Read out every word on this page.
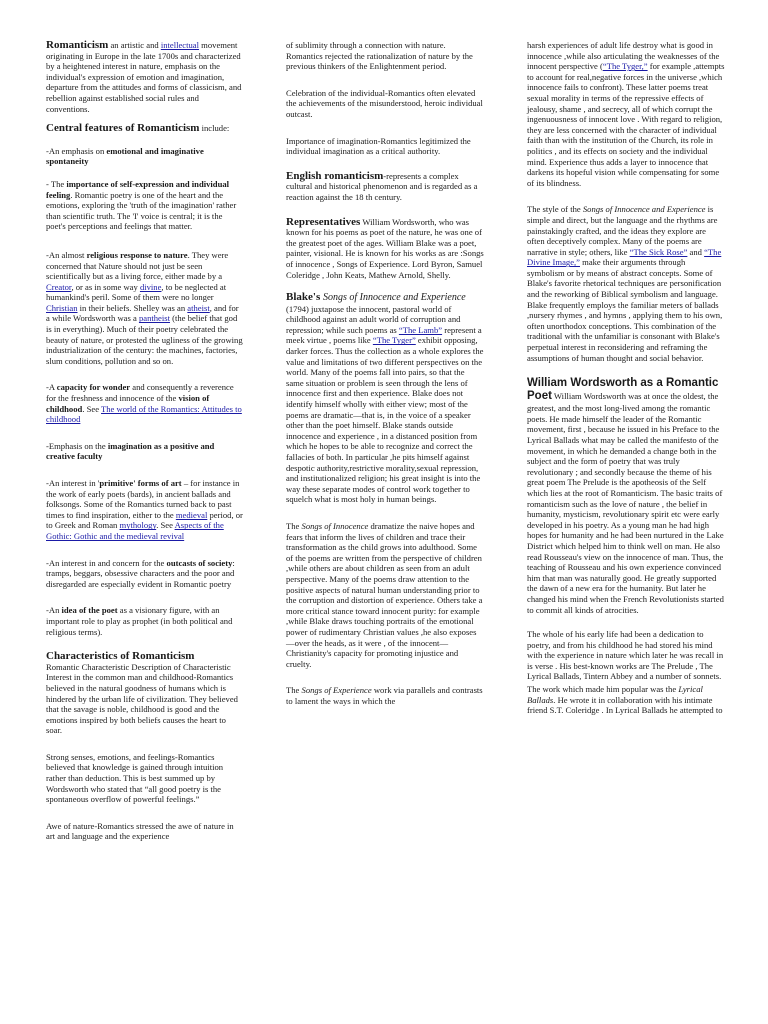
Romanticism an artistic and intellectual movement originating in Europe in the late 1700s and characterized by a heightened interest in nature, emphasis on the individual's expression of emotion and imagination, departure from the attitudes and forms of classicism, and rebellion against established social rules and conventions.

Central features of Romanticism include:

-An emphasis on emotional and imaginative spontaneity

- The importance of self-expression and individual feeling. Romantic poetry is one of the heart and the emotions, exploring the 'truth of the imagination' rather than scientific truth. The 'I' voice is central; it is the poet's perceptions and feelings that matter.

-An almost religious response to nature. They were concerned that Nature should not just be seen scientifically but as a living force, either made by a Creator, or as in some way divine, to be neglected at humankind's peril. Some of them were no longer Christian in their beliefs. Shelley was an atheist, and for a while Wordsworth was a pantheist (the belief that god is in everything). Much of their poetry celebrated the beauty of nature, or protested the ugliness of the growing industrialization of the century: the machines, factories, slum conditions, pollution and so on.

-A capacity for wonder and consequently a reverence for the freshness and innocence of the vision of childhood. See The world of the Romantics: Attitudes to childhood

-Emphasis on the imagination as a positive and creative faculty

-An interest in 'primitive' forms of art – for instance in the work of early poets (bards), in ancient ballads and folksongs. Some of the Romantics turned back to past times to find inspiration, either to the medieval period, or to Greek and Roman mythology. See Aspects of the Gothic: Gothic and the medieval revival

-An interest in and concern for the outcasts of society: tramps, beggars, obsessive characters and the poor and disregarded are especially evident in Romantic poetry

-An idea of the poet as a visionary figure, with an important role to play as prophet (in both political and religious terms).

Characteristics of Romanticism
Romantic Characteristic Description of Characteristic Interest in the common man and childhood-Romantics believed in the natural goodness of humans which is hindered by the urban life of civilization. They believed that the savage is noble, childhood is good and the emotions inspired by both beliefs causes the heart to soar.

Strong senses, emotions, and feelings-Romantics believed that knowledge is gained through intuition rather than deduction. This is best summed up by Wordsworth who stated that “all good poetry is the spontaneous overflow of powerful feelings.”

Awe of nature-Romantics stressed the awe of nature in art and language and the experience

of sublimity through a connection with nature. Romantics rejected the rationalization of nature by the previous thinkers of the Enlightenment period.

Celebration of the individual-Romantics often elevated the achievements of the misunderstood, heroic individual outcast.

Importance of imagination-Romantics legitimized the individual imagination as a critical authority.

English romanticism-represents a complex cultural and historical phenomenon and is regarded as a reaction against the 18 th century.

Representatives William Wordsworth, who was known for his poems as poet of the nature, he was one of the greatest poet of the ages. William Blake was a poet, painter, visional. He is known for his works as are :Songs of innocence , Songs of Experience. Lord Byron, Samuel Coleridge , John Keats, Mathew Arnold, Shelly.

Blake's Songs of Innocence and Experience (1794) juxtapose the innocent, pastoral world of childhood against an adult world of corruption and repression; while such poems as “The Lamb” represent a meek virtue , poems like “The Tyger” exhibit opposing, darker forces. Thus the collection as a whole explores the value and limitations of two different perspectives on the world. Many of the poems fall into pairs, so that the same situation or problem is seen through the lens of innocence first and then experience. Blake does not identify himself wholly with either view; most of the poems are dramatic—that is, in the voice of a speaker other than the poet himself. Blake stands outside innocence and experience , in a distanced position from which he hopes to be able to recognize and correct the fallacies of both. In particular ,he pits himself against despotic authority,restrictive morality,sexual repression, and institutionalized religion; his great insight is into the way these separate modes of control work together to squelch what is most holy in human beings.

The Songs of Innocence dramatize the naive hopes and fears that inform the lives of children and trace their transformation as the child grows into adulthood. Some of the poems are written from the perspective of children ,while others are about children as seen from an adult perspective. Many of the poems draw attention to the positive aspects of natural human understanding prior to the corruption and distortion of experience. Others take a more critical stance toward innocent purity: for example ,while Blake draws touching portraits of the emotional power of rudimentary Christian values ,he also exposes—over the heads, as it were , of the innocent—Christianity's capacity for promoting injustice and cruelty.

The Songs of Experience work via parallels and contrasts to lament the ways in which the

harsh experiences of adult life destroy what is good in innocence ,while also articulating the weaknesses of the innocent perspective (“The Tyger,” for example ,attempts to account for real,negative forces in the universe ,which innocence fails to confront). These latter poems treat sexual morality in terms of the repressive effects of jealousy, shame , and secrecy, all of which corrupt the ingenuousness of innocent love . With regard to religion, they are less concerned with the character of individual faith than with the institution of the Church, its role in politics , and its effects on society and the individual mind. Experience thus adds a layer to innocence that darkens its hopeful vision while compensating for some of its blindness.

The style of the Songs of Innocence and Experience is simple and direct, but the language and the rhythms are painstakingly crafted, and the ideas they explore are often deceptively complex. Many of the poems are narrative in style; others, like “The Sick Rose” and “The Divine Image,” make their arguments through symbolism or by means of abstract concepts. Some of Blake's favorite rhetorical techniques are personification and the reworking of Biblical symbolism and language. Blake frequently employs the familiar meters of ballads ,nursery rhymes , and hymns , applying them to his own, often unorthodox conceptions. This combination of the traditional with the unfamiliar is consonant with Blake's perpetual interest in reconsidering and reframing the assumptions of human thought and social behavior.

William Wordsworth as a Romantic Poet William Wordsworth was at once the oldest, the greatest, and the most long-lived among the romantic poets. He made himself the leader of the Romantic movement, first , because he issued in his Preface to the Lyrical Ballads what may be called the manifesto of the movement, in which he demanded a change both in the subject and the form of poetry that was truly revolutionary ; and secondly because the theme of his great poem The Prelude is the apotheosis of the Self which lies at the root of Romanticism. The basic traits of romanticism such as the love of nature , the belief in humanity, mysticism, revolutionary spirit etc were early developed in his poetry. As a young man he had high hopes for humanity and he had been nurtured in the Lake District which helped him to think well on man. He also read Rousseau's view on the innocence of man. Thus, the teaching of Rousseau and his own experience convinced him that man was naturally good. He greatly supported the dawn of a new era for the humanity. But later he changed his mind when the French Revolutionists started to commit all kinds of atrocities.

The whole of his early life had been a dedication to poetry, and from his childhood he had stored his mind with the experience in nature which later he was recall in is verse . His best-known works are The Prelude , The Lyrical Ballads, Tintern Abbey and a number of sonnets.

The work which made him popular was the Lyrical Ballads. He wrote it in collaboration with his intimate friend S.T. Coleridge . In Lyrical Ballads he attempted to
